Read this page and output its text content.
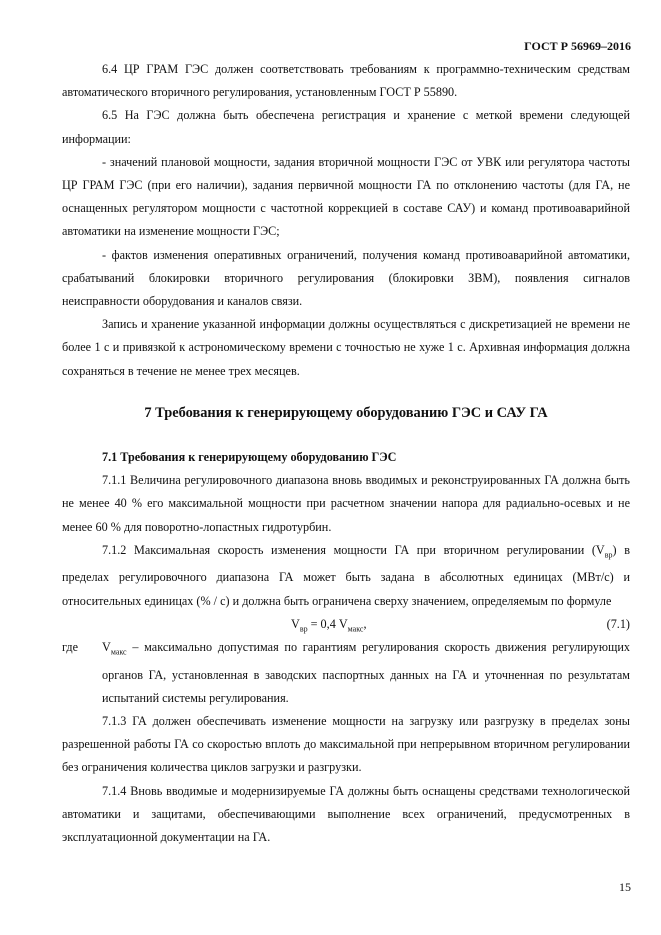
ГОСТ Р 56969–2016

6.4 ЦР ГРАМ ГЭС должен соответствовать требованиям к программно-техническим средствам автоматического вторичного регулирования, установленным ГОСТ Р 55890.

6.5 На ГЭС должна быть обеспечена регистрация и хранение с меткой времени следующей информации:

- значений плановой мощности, задания вторичной мощности ГЭС от УВК или регулятора частоты ЦР ГРАМ ГЭС (при его наличии), задания первичной мощности ГА по отклонению частоты (для ГА, не оснащенных регулятором мощности с частотной коррекцией в составе САУ) и команд противоаварийной автоматики на изменение мощности ГЭС;

- фактов изменения оперативных ограничений, получения команд противоаварийной автоматики, срабатываний блокировки вторичного регулирования (блокировки ЗВМ), появления сигналов неисправности оборудования и каналов связи.

Запись и хранение указанной информации должны осуществляться с дискретизацией не времени не более 1 с и привязкой к астрономическому времени с точностью не хуже 1 с. Архивная информация должна сохраняться в течение не менее трех месяцев.

7 Требования к генерирующему оборудованию ГЭС и САУ ГА

7.1 Требования к генерирующему оборудованию ГЭС

7.1.1 Величина регулировочного диапазона вновь вводимых и реконструированных ГА должна быть не менее 40 % его максимальной мощности при расчетном значении напора для радиально-осевых и не менее 60 % для поворотно-лопастных гидротурбин.

7.1.2 Максимальная скорость изменения мощности ГА при вторичном регулировании $(V_{вр})$ в пределах регулировочного диапазона ГА может быть задана в абсолютных единицах (МВт/с) и относительных единицах (% / с) и должна быть ограничена сверху значением, определяемым по формуле

$V_{вр} = 0,4$ $V_{макс}$,	(7.1)

где $V_{макс}$ – максимально допустимая по гарантиям регулирования скорость движения регулирующих органов ГА, установленная в заводских паспортных данных на ГА и уточненная по результатам испытаний системы регулирования.

7.1.3 ГА должен обеспечивать изменение мощности на загрузку или разгрузку в пределах зоны разрешенной работы ГА со скоростью вплоть до максимальной при непрерывном вторичном регулировании без ограничения количества циклов загрузки и разгрузки.

7.1.4 Вновь вводимые и модернизируемые ГА должны быть оснащены средствами технологической автоматики и защитами, обеспечивающими выполнение всех ограничений, предусмотренных в эксплуатационной документации на ГА.

15
